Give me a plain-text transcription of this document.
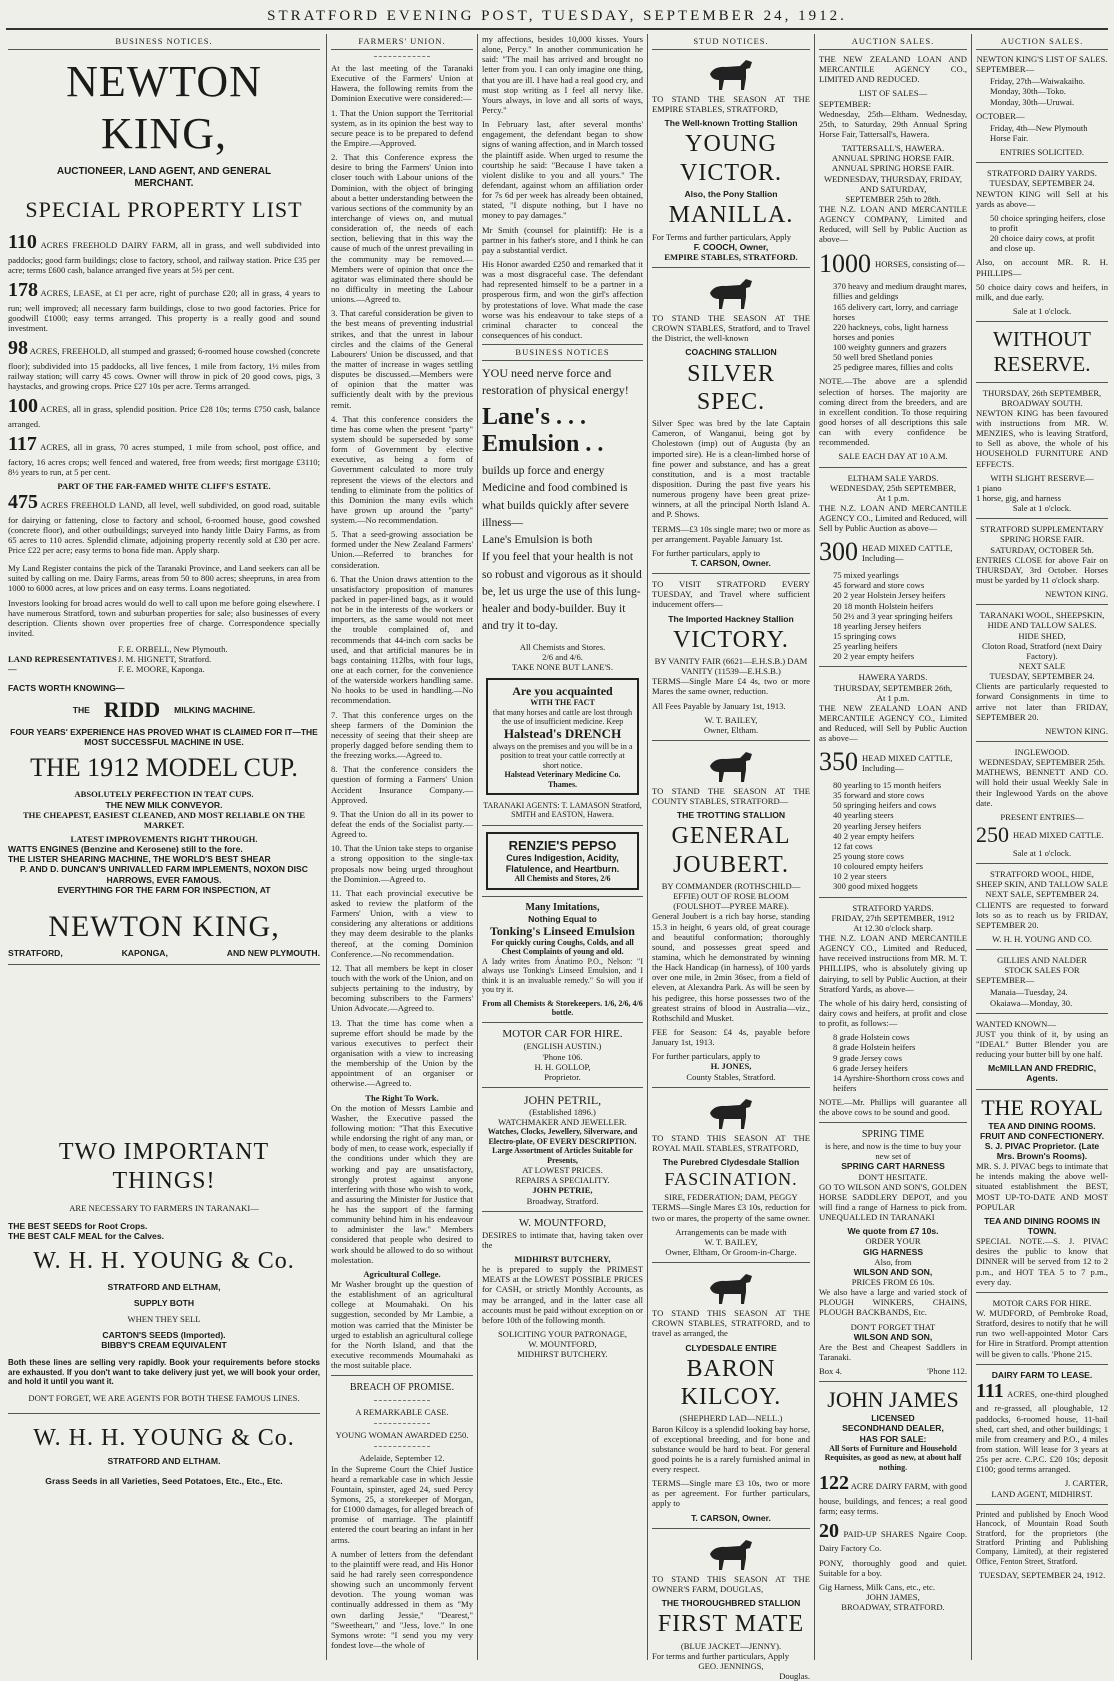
STRATFORD EVENING POST, TUESDAY, SEPTEMBER 24, 1912.
BUSINESS NOTICES.
NEWTON KING,
AUCTIONEER, LAND AGENT, AND GENERAL MERCHANT.
SPECIAL PROPERTY LIST

110 ACRES FREEHOLD DAIRY FARM, all in grass, and well subdivided into paddocks; good farm buildings; close to factory, school, and railway station. Price £35 per acre; terms £600 cash, balance arranged five years at 5½ per cent.

178 ACRES, LEASE, at £1 per acre, right of purchase £20; all in grass, 4 years to run; well improved; all necessary farm buildings, close to two good factories. Price for goodwill £1000; easy terms arranged. This property is a really good and sound investment.

98 ACRES, FREEHOLD, all stumped and grassed; 6-roomed house cowshed (concrete floor); subdivided into 15 paddocks, all live fences, 1 mile from factory, 1½ miles from railway station; will carry 45 cows. Owner will throw in pick of 20 good cows, pigs, 3 haystacks, and growing crops. Price £27 10s per acre. Terms arranged.

100 ACRES, all in grass, splendid position. Price £28 10s; terms £750 cash, balance arranged.

117 ACRES, all in grass, 70 acres stumped, 1 mile from school, post office, and factory, 16 acres crops; well fenced and watered, free from weeds; first mortgage £3110; 8½ years to run, at 5 per cent.

PART OF THE FAR-FAMED WHITE CLIFF'S ESTATE.

475 ACRES FREEHOLD LAND, all level, well subdivided, on good road, suitable for dairying or fattening, close to factory and school, 6-roomed house, good cowshed (concrete floor), and other outbuildings; surveyed into handy little Dairy Farms, as from 65 acres to 110 acres. Splendid climate, adjoining property recently sold at £30 per acre. Price £22 per acre; easy terms to bona fide man. Apply sharp.

My Land Register contains the pick of the Taranaki Province, and Land seekers can all be suited by calling on me. Dairy Farms, areas from 50 to 800 acres; sheepruns, in area from 1000 to 6000 acres, at low prices and on easy terms. Loans negotiated.

Investors looking for broad acres would do well to call upon me before going elsewhere. I have numerous Stratford, town and suburban properties for sale; also businesses of every description. Clients shown over properties free of charge. Correspondence specially invited.

LAND REPRESENTATIVES—
F. E. ORBELL, New Plymouth.
J. M. HIGNETT, Stratford.
F. E. MOORE, Kaponga.
FACTS WORTH KNOWING—
THE RIDD MILKING MACHINE.
FOUR YEARS' EXPERIENCE HAS PROVED WHAT IS CLAIMED FOR IT—THE MOST SUCCESSFUL MACHINE IN USE.
THE 1912 MODEL CUP.
ABSOLUTELY PERFECTION IN TEAT CUPS.
THE NEW MILK CONVEYOR.
THE CHEAPEST, EASIEST CLEANED, AND MOST RELIABLE ON THE MARKET.
LATEST IMPROVEMENTS RIGHT THROUGH.
WATTS ENGINES (Benzine and Kerosene) still to the fore.
THE LISTER SHEARING MACHINE, THE WORLD'S BEST SHEAR
P. AND D. DUNCAN'S UNRIVALLED FARM IMPLEMENTS, NOXON DISC HARROWS, EVER FAMOUS.
EVERYTHING FOR THE FARM FOR INSPECTION, AT
NEWTON KING,
STRATFORD,	KAPONGA,	AND NEW PLYMOUTH.
TWO IMPORTANT THINGS!
ARE NECESSARY TO FARMERS IN TARANAKI—
THE BEST SEEDS for Root Crops.
THE BEST CALF MEAL for the Calves.
W. H. H. YOUNG & Co.
STRATFORD AND ELTHAM,
SUPPLY BOTH
WHEN THEY SELL
CARTON'S SEEDS (Imported).
BIBBY'S CREAM EQUIVALENT

Both these lines are selling very rapidly. Book your requirements before stocks are exhausted. If you don't want to take delivery just yet, we will book your order, and hold it until you want it.

DON'T FORGET, WE ARE AGENTS FOR BOTH THESE FAMOUS LINES.
W. H. H. YOUNG & Co.
STRATFORD AND ELTHAM.
Grass Seeds in all Varieties, Seed Potatoes, Etc., Etc., Etc.
FARMERS' UNION.

At the last meeting of the Taranaki Executive of the Farmers' Union at Hawera, the following remits from the Dominion Executive were considered:—

1. That the Union support the Territorial system, as in its opinion the best way to secure peace is to be prepared to defend the Empire.—Approved.

2. That this Conference express the desire to bring the Farmers' Union into closer touch with Labour unions of the Dominion, with the object of bringing about a better understanding between the various sections of the community by an interchange of views on, and mutual consideration of, the needs of each section, believing that in this way the cause of much of the unrest prevailing in the community may be removed.—Members were of opinion that once the agitator was eliminated there should be no difficulty in meeting the Labour unions.—Agreed to.

3. That careful consideration be given to the best means of preventing industrial strikes, and that the unrest in labour circles and the claims of the General Labourers' Union be discussed, and that the matter of increase in wages settling disputes be discussed.—Members were of opinion that the matter was sufficiently dealt with by the previous remit.

4. That this conference considers the time has come when the present "party" system should be superseded by some form of Government by elective executive, as being a form of Government calculated to more truly represent the views of the electors and tending to eliminate from the politics of this Dominion the many evils which have grown up around the "party" system.—No recommendation.

5. That a seed-growing association be formed under the New Zealand Farmers' Union.—Referred to branches for consideration.

6. That the Union draws attention to the unsatisfactory proposition of manures packed in paper-lined bags, as it would not be in the interests of the workers or importers, as the same would not meet the trouble complained of, and recommends that 44-inch corn sacks be used, and that artificial manures be in bags containing 112lbs, with four lugs, one at each corner, for the convenience of the waterside workers handling same. No hooks to be used in handling.—No recommendation.

7. That this conference urges on the sheep farmers of the Dominion the necessity of seeing that their sheep are properly dagged before sending them to the freezing works.—Agreed to.

8. That the conference considers the question of forming a Farmers' Union Accident Insurance Company.—Approved.

9. That the Union do all in its power to defeat the ends of the Socialist party.—Agreed to.

10. That the Union take steps to organise a strong opposition to the single-tax proposals now being urged throughout the Dominion.—Agreed to.

11. That each provincial executive be asked to review the platform of the Farmers' Union, with a view to considering any alterations or additions they may deem desirable to the planks thereof, at the coming Dominion Conference.—No recommendation.

12. That all members be kept in closer touch with the work of the Union, and on subjects pertaining to the industry, by becoming subscribers to the Farmers' Union Advocate.—Agreed to.

13. That the time has come when a supreme effort should be made by the various executives to perfect their organisation with a view to increasing the membership of the Union by the appointment of an organiser or otherwise.—Agreed to.

The Right To Work.

On the motion of Messrs Lambie and Washer, the Executive passed the following motion: "That this Executive while endorsing the right of any man, or body of men, to cease work, especially if the conditions under which they are working and pay are unsatisfactory, strongly protest against anyone interfering with those who wish to work, and assuring the Minister for Justice that he has the support of the farming community behind him in his endeavour to administer the law." Members considered that people who desired to work should be allowed to do so without molestation.

Agricultural College.

Mr Washer brought up the question of the establishment of an agricultural college at Moumahaki. On his suggestion, seconded by Mr Lambie, a motion was carried that the Minister be urged to establish an agricultural college for the North Island, and that the executive recommends Moumahaki as the most suitable place.

BREACH OF PROMISE.
A REMARKABLE CASE.
YOUNG WOMAN AWARDED £250.
Adelaide, September 12.

In the Supreme Court the Chief Justice heard a remarkable case in which Jessie Fountain, spinster, aged 24, sued Percy Symons, 25, a storekeeper of Morgan, for £1000 damages, for alleged breach of promise of marriage. The plaintiff entered the court bearing an infant in her arms.

A number of letters from the defendant to the plaintiff were read, and His Honor said he had rarely seen correspondence showing such an uncommonly fervent devotion. The young woman was continually addressed in them as "My own darling Jessie," "Dearest," "Sweetheart," and "Jess, love." In one Symons wrote: "I send you my very fondest love—the whole of

my affections, besides 10,000 kisses. Yours alone, Percy." In another communication he said: "The mail has arrived and brought no letter from you. I can only imagine one thing, that you are ill. I have had a real good cry, and must stop writing as I feel all nervy like. Yours always, in love and all sorts of ways, Percy."

In February last, after several months' engagement, the defendant began to show signs of waning affection, and in March tossed the plaintiff aside. When urged to resume the courtship he said: "Because I have taken a violent dislike to you and all yours." The defendant, against whom an affiliation order for 7s 6d per week has already been obtained, stated, "I dispute nothing, but I have no money to pay damages."

Mr Smith (counsel for plaintiff): He is a partner in his father's store, and I think he can pay a substantial verdict.

His Honor awarded £250 and remarked that it was a most disgraceful case. The defendant had represented himself to be a partner in a prosperous firm, and won the girl's affection by protestations of love. What made the case worse was his endeavour to take steps of a criminal character to conceal the consequences of his conduct.

BUSINESS NOTICES
YOU need nerve force and restoration of physical energy!
Lane's . . . Emulsion . .
builds up force and energy Medicine and food combined is what builds quickly after severe illness—
Lane's Emulsion is both
If you feel that your health is not so robust and vigorous as it should be, let us urge the use of this lung-healer and body-builder. Buy it and try it to-day.
All Chemists and Stores.
2/6 and 4/6.
TAKE NONE BUT LANE'S.
Are you acquainted
WITH THE FACT
that many horses and cattle are lost through the use of insufficient medicine. Keep
Halstead's DRENCH
always on the premises and you will be in a position to treat your cattle correctly at short notice.
Halstead Veterinary Medicine Co. Thames.
TARANAKI AGENTS: T. LAMASON Stratford, SMITH and EASTON, Hawera.
RENZIE'S PEPSO
Cures Indigestion, Acidity, Flatulence, and Heartburn.
All Chemists and Stores, 2/6
Many Imitations,
Nothing Equal to
Tonking's Linseed Emulsion
For quickly curing Coughs, Colds, and all Chest Complaints of young and old.

A lady writes from Ánatimo P.O., Nelson: "I always use Tonking's Linseed Emulsion, and I think it is an invaluable remedy." So will you if you try it.

From all Chemists & Storekeepers. 1/6, 2/6, 4/6 bottle.
MOTOR CAR FOR HIRE.
(ENGLISH AUSTIN.)
'Phone 106.
H. H. GOLLOP,
Proprietor.
JOHN PETRIL,
(Established 1896.)
WATCHMAKER AND JEWELLER.
Watches, Clocks, Jewellery, Silverware, and Electro-plate, OF EVERY DESCRIPTION.
Large Assortment of Articles Suitable for Presents,
AT LOWEST PRICES.
REPAIRS A SPECIALITY.
JOHN PETRIE,
Broadway, Stratford.
W. MOUNTFORD,

DESIRES to intimate that, having taken over the

MIDHIRST BUTCHERY,

he is prepared to supply the PRIMEST MEATS at the LOWEST POSSIBLE PRICES for CASH, or strictly Monthly Accounts, as may be arranged, and in the latter case all accounts must be paid without exception on or before 10th of the following month.

SOLICITING YOUR PATRONAGE,
W. MOUNTFORD,
MIDHIRST BUTCHERY.
STUD NOTICES.

TO STAND THE SEASON AT THE EMPIRE STABLES, STRATFORD,

The Well-known Trotting Stallion
YOUNG VICTOR.
Also, the Pony Stallion
MANILLA.
For Terms and further particulars, Apply
F. COOCH, Owner,
EMPIRE STABLES, STRATFORD.

TO STAND THE SEASON AT THE CROWN STABLES, Stratford, and to Travel the District, the well-known

COACHING STALLION
SILVER SPEC.

Silver Spec was bred by the late Captain Cameron, of Wanganui, being got by Cholestown (imp) out of Augusta (by an imported sire). He is a clean-limbed horse of fine power and substance, and has a great constitution, and is a most tractable disposition. During the past five years his numerous progeny have been great prize-winners, at all the principal North Island A. and P. Shows.

TERMS—£3 10s single mare; two or more as per arrangement. Payable January 1st.

For further particulars, apply to
T. CARSON, Owner.

TO VISIT STRATFORD EVERY TUESDAY, and Travel where sufficient inducement offers—

The Imported Hackney Stallion
VICTORY.
BY VANITY FAIR (6621—E.H.S.B.) DAM VANITY (11539—E.H.S.B.)

TERMS—Single Mare £4 4s, two or more Mares the same owner, reduction.

All Fees Payable by January 1st, 1913.

W. T. BAILEY,
Owner, Eltham.

TO STAND THE SEASON AT THE COUNTY STABLES, STRATFORD—

THE TROTTING STALLION
GENERAL JOUBERT.
BY COMMANDER (ROTHSCHILD—EFFIE) OUT OF ROSE BLOOM (FOULSHOT—PYREE MARE).

General Joubert is a rich bay horse, standing 15.3 in height, 6 years old, of great courage and beautiful conformation; thoroughly sound, and possesses great speed and stamina, which he demonstrated by winning the Hack Handicap (in harness), of 100 yards over one mile, in 2min 36sec, from a field of eleven, at Alexandra Park. As will be seen by his pedigree, this horse possesses two of the greatest strains of blood in Australia—viz., Rothschild and Musket.

FEE for Season: £4 4s, payable before January 1st, 1913.

For further particulars, apply to
H. JONES,
County Stables, Stratford.

TO STAND THIS SEASON AT THE ROYAL MAIL STABLES, STRATFORD,

The Purebred Clydesdale Stallion
FASCINATION.
SIRE, FEDERATION; DAM, PEGGY

TERMS—Single Mares £3 10s, reduction for two or mares, the property of the same owner.

Arrangements can be made with
W. T. BAILEY,
Owner, Eltham, Or Groom-in-Charge.

TO STAND THIS SEASON AT THE CROWN STABLES, STRATFORD, and to travel as arranged, the

CLYDESDALE ENTIRE
BARON KILCOY.
(SHEPHERD LAD—NELL.)

Baron Kilcoy is a splendid looking bay horse, of exceptional breeding, and for bone and substance would be hard to beat. For general good points he is a rarely furnished animal in every respect.

TERMS—Single mare £3 10s, two or more as per agreement. For further particulars, apply to

T. CARSON, Owner.

TO STAND THIS SEASON AT THE OWNER'S FARM, DOUGLAS,

THE THOROUGHBRED STALLION
FIRST MATE
(BLUE JACKET—JENNY).
For terms and further particulars, Apply
GEO. JENNINGS,
Douglas.
AUCTION SALES.

THE NEW ZEALAND LOAN AND MERCANTILE AGENCY CO., LIMITED AND REDUCED.

LIST OF SALES—
SEPTEMBER:

Wednesday, 25th—Eltham. Wednesday, 25th, to Saturday, 29th Annual Spring Horse Fair, Tattersall's, Hawera.

TATTERSALL'S, HAWERA.
ANNUAL SPRING HORSE FAIR. ANNUAL SPRING HORSE FAIR.
WEDNESDAY, THURSDAY, FRIDAY, AND SATURDAY,
SEPTEMBER 25th to 28th.

THE N.Z. LOAN AND MERCANTILE AGENCY COMPANY, Limited and Reduced, will Sell by Public Auction as above—

1000 HORSES, consisting of—
370 heavy and medium draught mares, fillies and geldings
165 delivery cart, lorry, and carriage horses
220 hackneys, cobs, light harness horses and ponies
100 weighty gunners and grazers
50 well bred Shetland ponies
25 pedigree mares, fillies and colts

NOTE.—The above are a splendid selection of horses. The majority are coming direct from the breeders, and are in excellent condition. To those requiring good horses of all descriptions this sale can with every confidence be recommended.

SALE EACH DAY AT 10 A.M.
ELTHAM SALE YARDS.
WEDNESDAY, 25th SEPTEMBER,
At 1 p.m.

THE N.Z. LOAN AND MERCANTILE AGENCY CO., Limited and Reduced, will Sell by Public Auction as above—

300 HEAD MIXED CATTLE, Including—
75 mixed yearlings
45 forward and store cows
20 2 year Holstein Jersey heifers
20 18 month Holstein heifers
50 2½ and 3 year springing heifers
18 yearling Jersey heifers
15 springing cows
25 yearling heifers
20 2 year empty heifers
HAWERA YARDS.
THURSDAY, SEPTEMBER 26th,
At 1 p.m.

THE NEW ZEALAND LOAN AND MERCANTILE AGENCY CO., Limited and Reduced, will Sell by Public Auction as above—

350 HEAD MIXED CATTLE, Including—
80 yearling to 15 month heifers
35 forward and store cows
50 springing heifers and cows
40 yearling steers
20 yearling Jersey heifers
40 2 year empty heifers
12 fat cows
25 young store cows
10 coloured empty heifers
10 2 year steers
300 good mixed hoggets
STRATFORD YARDS.
FRIDAY, 27th SEPTEMBER, 1912
At 12.30 o'clock sharp.

THE N.Z. LOAN AND MERCANTILE AGENCY CO., Limited and Reduced, have received instructions from MR. M. T. PHILLIPS, who is absolutely giving up dairying, to sell by Public Auction, at their Stratford Yards, as above—

The whole of his dairy herd, consisting of dairy cows and heifers, at profit and close to profit, as follows:—

8 grade Holstein cows
8 grade Holstein heifers
9 grade Jersey cows
6 grade Jersey heifers
14 Ayrshire-Shorthorn cross cows and heifers

NOTE.—Mr. Phillips will guarantee all the above cows to be sound and good.

SPRING TIME
is here, and now is the time to buy your new set of
SPRING CART HARNESS
DON'T HESITATE.

GO TO WILSON AND SON'S, GOLDEN HORSE SADDLERY DEPOT, and you will find a range of Harness to pick from. UNEQUALLED IN TARANAKI

We quote from £7 10s.
ORDER YOUR
GIG HARNESS
Also, from
WILSON AND SON,
PRICES FROM £6 10s.

We also have a large and varied stock of PLOUGH WINKERS, CHAINS, PLOUGH BACKBANDS, Etc.

DON'T FORGET THAT
WILSON AND SON,

Are the Best and Cheapest Saddlers in Taranaki.

Box 4.	'Phone 112.
JOHN JAMES
LICENSED
SECONDHAND DEALER,
HAS FOR SALE:
All Sorts of Furniture and Household Requisites, as good as new, at about half nothing.

122 ACRE DAIRY FARM, with good house, buildings, and fences; a real good farm; easy terms.

20 PAID-UP SHARES Ngaire Coop. Dairy Factory Co.

PONY, thoroughly good and quiet. Suitable for a boy.

Gig Harness, Milk Cans, etc., etc.
JOHN JAMES,
BROADWAY, STRATFORD.
AUCTION SALES.
NEWTON KING'S LIST OF SALES.
SEPTEMBER—
Friday, 27th—Waiwakaiho.
Monday, 30th—Toko.
Monday, 30th—Uruwai.
OCTOBER—
Friday, 4th—New Plymouth Horse Fair.
ENTRIES SOLICITED.
STRATFORD DAIRY YARDS.
TUESDAY, SEPTEMBER 24.

NEWTON KING will Sell at his yards as above—

50 choice springing heifers, close to profit
20 choice dairy cows, at profit and close up.

Also, on account MR. R. H. PHILLIPS—

50 choice dairy cows and heifers, in milk, and due early.

Sale at 1 o'clock.
WITHOUT RESERVE.
THURSDAY, 26th SEPTEMBER,
BROADWAY SOUTH.

NEWTON KING has been favoured with instructions from MR. W. MENZIES, who is leaving Stratford, to Sell as above, the whole of his HOUSEHOLD FURNITURE AND EFFECTS.

WITH SLIGHT RESERVE—
1 piano
1 horse, gig, and harness
Sale at 1 o'clock.
STRATFORD SUPPLEMENTARY SPRING HORSE FAIR.
SATURDAY, OCTOBER 5th.

ENTRIES CLOSE for above Fair on THURSDAY, 3rd October. Horses must be yarded by 11 o'clock sharp.

NEWTON KING.
TARANAKI WOOL, SHEEPSKIN, HIDE AND TALLOW SALES.
HIDE SHED,
Cloton Road, Stratford (next Dairy Factory).
NEXT SALE
TUESDAY, SEPTEMBER 24.

Clients are particularly requested to forward Consignments in time to arrive not later than FRIDAY, SEPTEMBER 20.

NEWTON KING.
INGLEWOOD.
WEDNESDAY, SEPTEMBER 25th.

MATHEWS, BENNETT AND CO. will hold their usual Weekly Sale in their Inglewood Yards on the above date.

PRESENT ENTRIES—
250 HEAD MIXED CATTLE.
Sale at 1 o'clock.
STRATFORD WOOL, HIDE, SHEEP SKIN, AND TALLOW SALE
NEXT SALE, SEPTEMBER 24.

CLIENTS are requested to forward lots so as to reach us by FRIDAY, SEPTEMBER 20.

W. H. H. YOUNG AND CO.
GILLIES AND NALDER
STOCK SALES FOR
SEPTEMBER—
Manaia—Tuesday, 24.
Okaiawa—Monday, 30.
WANTED KNOWN—

JUST you think of it, by using an "IDEAL" Butter Blender you are reducing your butter bill by one half.

McMILLAN AND FREDRIC, Agents.
THE ROYAL
TEA AND DINING ROOMS. FRUIT AND CONFECTIONERY.
S. J. PIVAC Proprietor. (Late Mrs. Brown's Rooms).

MR. S. J. PIVAC begs to intimate that he intends making the above well-situated establishment the BEST, MOST UP-TO-DATE AND MOST POPULAR

TEA AND DINING ROOMS IN TOWN.

SPECIAL NOTE.—S. J. PIVAC desires the public to know that DINNER will be served from 12 to 2 p.m., and HOT TEA 5 to 7 p.m., every day.

MOTOR CARS FOR HIRE.

W. MUDFORD, of Pembroke Road, Stratford, desires to notify that he will run two well-appointed Motor Cars for Hire in Stratford. Prompt attention will be given to calls. 'Phone 215.

DAIRY FARM TO LEASE.

111 ACRES, one-third ploughed and re-grassed, all ploughable, 12 paddocks, 6-roomed house, 11-bail shed, cart shed, and other buildings; 1 mile from creamery and P.O., 4 miles from station. Will lease for 3 years at 25s per acre. C.P.C. £20 10s; deposit £100; good terms arranged.

J. CARTER,
LAND AGENT, MIDHIRST.

Printed and published by Enoch Wood Hancock, of Mountain Road South Stratford, for the proprietors (the Stratford Printing and Publishing Company, Limited), at their registered Office, Fenton Street, Stratford.

TUESDAY, SEPTEMBER 24, 1912.
